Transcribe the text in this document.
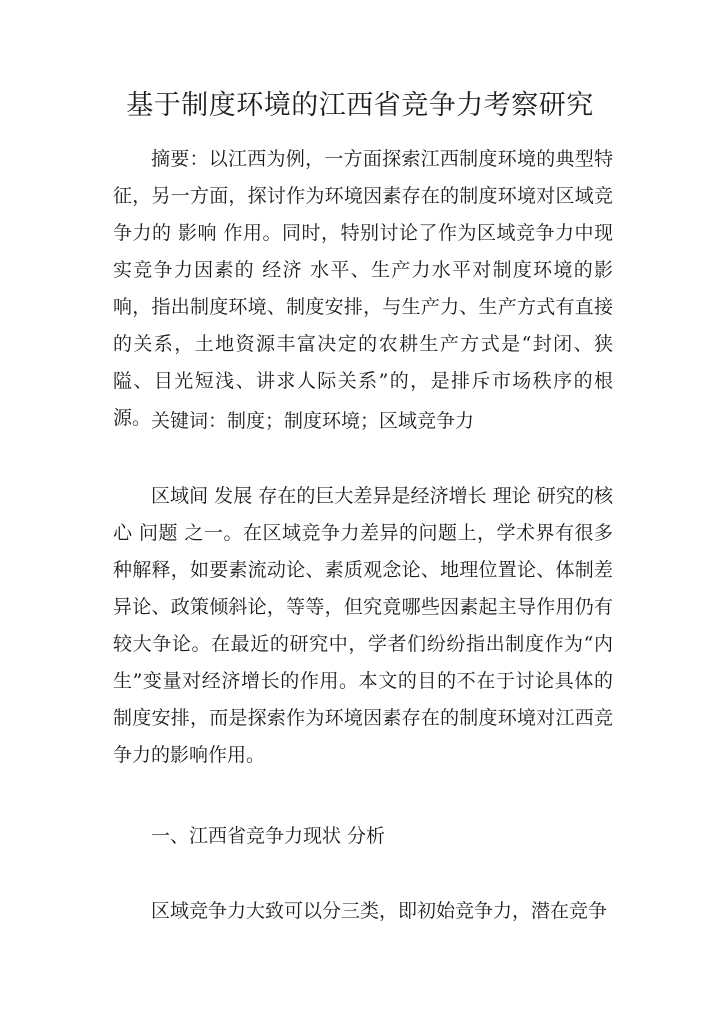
基于制度环境的江西省竞争力考察研究

摘要：以江西为例，一方面探索江西制度环境的典型特征，另一方面，探讨作为环境因素存在的制度环境对区域竞争力的 影响 作用。同时，特别讨论了作为区域竞争力中现实竞争力因素的 经济 水平、生产力水平对制度环境的影响，指出制度环境、制度安排，与生产力、生产方式有直接的关系，土地资源丰富决定的农耕生产方式是“封闭、狭隘、目光短浅、讲求人际关系”的，是排斥市场秩序的根源。 关键词：制度；制度环境；区域竞争力

区域间 发展 存在的巨大差异是经济增长 理论 研究的核心 问题 之一。在区域竞争力差异的问题上，学术界有很多种解释，如要素流动论、素质观念论、地理位置论、体制差异论、政策倾斜论，等等，但究竟哪些因素起主导作用仍有较大争论。在最近的研究中，学者们纷纷指出制度作为“内生”变量对经济增长的作用。本文的目的不在于讨论具体的制度安排，而是探索作为环境因素存在的制度环境对江西竞争力的影响作用。

一、江西省竞争力现状 分析

区域竞争力大致可以分三类，即初始竞争力，潜在竞争
